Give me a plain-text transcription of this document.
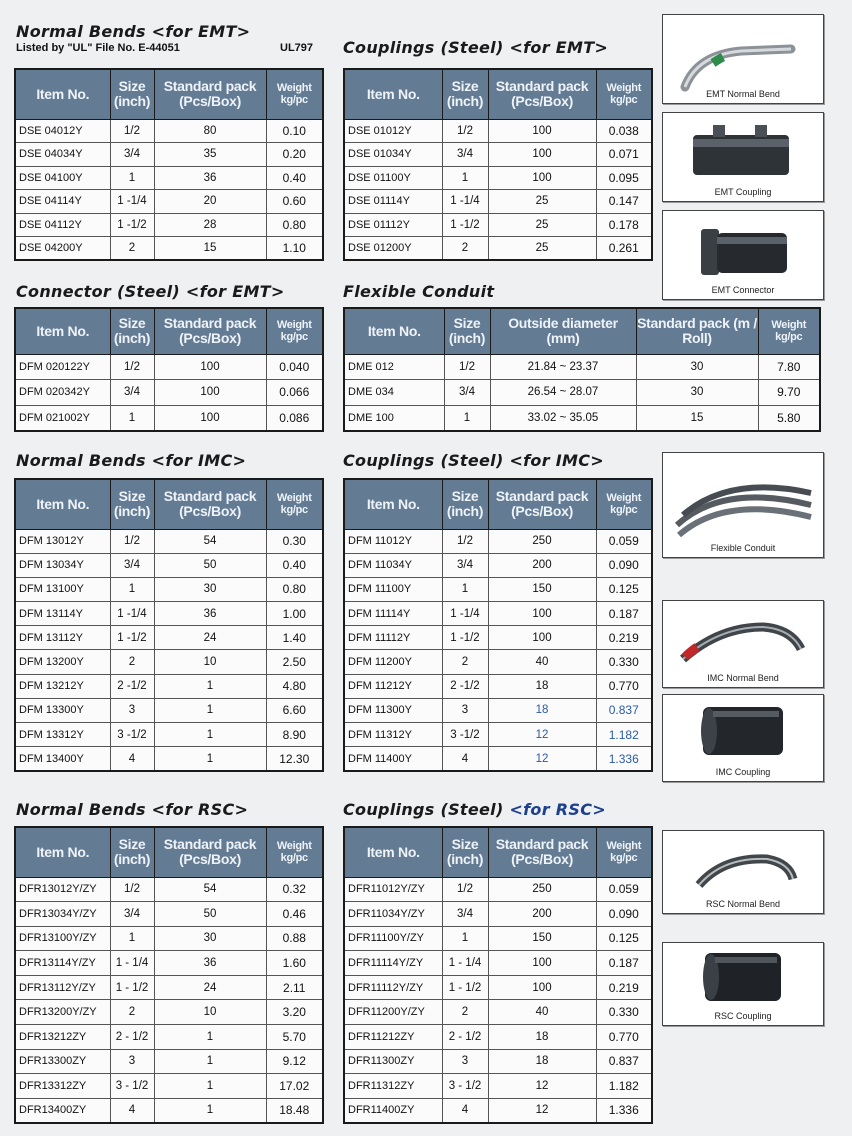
Normal Bends <for EMT>
Listed by "UL" File No. E-44051	UL797 Couplings (Steel) <for EMT>
Connector (Steel) <for EMT>	Flexible Conduit
Normal Bends <for IMC>	Couplings (Steel) <for IMC>
Normal Bends <for RSC>	Couplings (Steel) <for RSC>
Item No.	Size (inch)	Standard pack (Pcs/Box)	Weight kg/pc
DSE 04012Y	1/2	80	0.10
DSE 04034Y	3/4	35	0.20
DSE 04100Y	1	36	0.40
DSE 04114Y	1 -1/4	20	0.60
DSE 04112Y	1 -1/2	28	0.80
DSE 04200Y	2	15	1.10
Item No.	Size (inch)	Standard pack (Pcs/Box)	Weight kg/pc
DSE 01012Y	1/2	100	0.038
DSE 01034Y	3/4	100	0.071
DSE 01100Y	1	100	0.095
DSE 01114Y	1 -1/4	25	0.147
DSE 01112Y	1 -1/2	25	0.178
DSE 01200Y	2	25	0.261
Item No.	Size (inch)	Standard pack (Pcs/Box)	Weight kg/pc
DFM 020122Y	1/2	100	0.040
DFM 020342Y	3/4	100	0.066
DFM 021002Y	1	100	0.086
Item No.	Size (inch)	Outside diameter (mm)	Standard pack (m / Roll)	Weight kg/pc
DME 012	1/2	21.84 ~ 23.37	30	7.80
DME 034	3/4	26.54 ~ 28.07	30	9.70
DME 100	1	33.02 ~ 35.05	15	5.80
Item No.	Size (inch)	Standard pack (Pcs/Box)	Weight kg/pc
DFM 13012Y	1/2	54	0.30
DFM 13034Y	3/4	50	0.40
DFM 13100Y	1	30	0.80
DFM 13114Y	1 -1/4	36	1.00
DFM 13112Y	1 -1/2	24	1.40
DFM 13200Y	2	10	2.50
DFM 13212Y	2 -1/2	1	4.80
DFM 13300Y	3	1	6.60
DFM 13312Y	3 -1/2	1	8.90
DFM 13400Y	4	1	12.30
Item No.	Size (inch)	Standard pack (Pcs/Box)	Weight kg/pc
DFM 11012Y	1/2	250	0.059
DFM 11034Y	3/4	200	0.090
DFM 11100Y	1	150	0.125
DFM 11114Y	1 -1/4	100	0.187
DFM 11112Y	1 -1/2	100	0.219
DFM 11200Y	2	40	0.330
DFM 11212Y	2 -1/2	18	0.770
DFM 11300Y	3	18	0.837
DFM 11312Y	3 -1/2	12	1.182
DFM 11400Y	4	12	1.336
Item No.	Size (inch)	Standard pack (Pcs/Box)	Weight kg/pc
DFR13012Y/ZY	1/2	54	0.32
DFR13034Y/ZY	3/4	50	0.46
DFR13100Y/ZY	1	30	0.88
DFR13114Y/ZY	1 - 1/4	36	1.60
DFR13112Y/ZY	1 - 1/2	24	2.11
DFR13200Y/ZY	2	10	3.20
DFR13212ZY	2 - 1/2	1	5.70
DFR13300ZY	3	1	9.12
DFR13312ZY	3 - 1/2	1	17.02
DFR13400ZY	4	1	18.48
Item No.	Size (inch)	Standard pack (Pcs/Box)	Weight kg/pc
DFR11012Y/ZY	1/2	250	0.059
DFR11034Y/ZY	3/4	200	0.090
DFR11100Y/ZY	1	150	0.125
DFR11114Y/ZY	1 - 1/4	100	0.187
DFR11112Y/ZY	1 - 1/2	100	0.219
DFR11200Y/ZY	2	40	0.330
DFR11212ZY	2 - 1/2	18	0.770
DFR11300ZY	3	18	0.837
DFR11312ZY	3 - 1/2	12	1.182
DFR11400ZY	4	12	1.336
EMT Normal Bend
EMT Coupling
EMT Connector
Flexible Conduit
IMC Normal Bend
IMC Coupling
RSC Normal Bend
RSC Coupling
